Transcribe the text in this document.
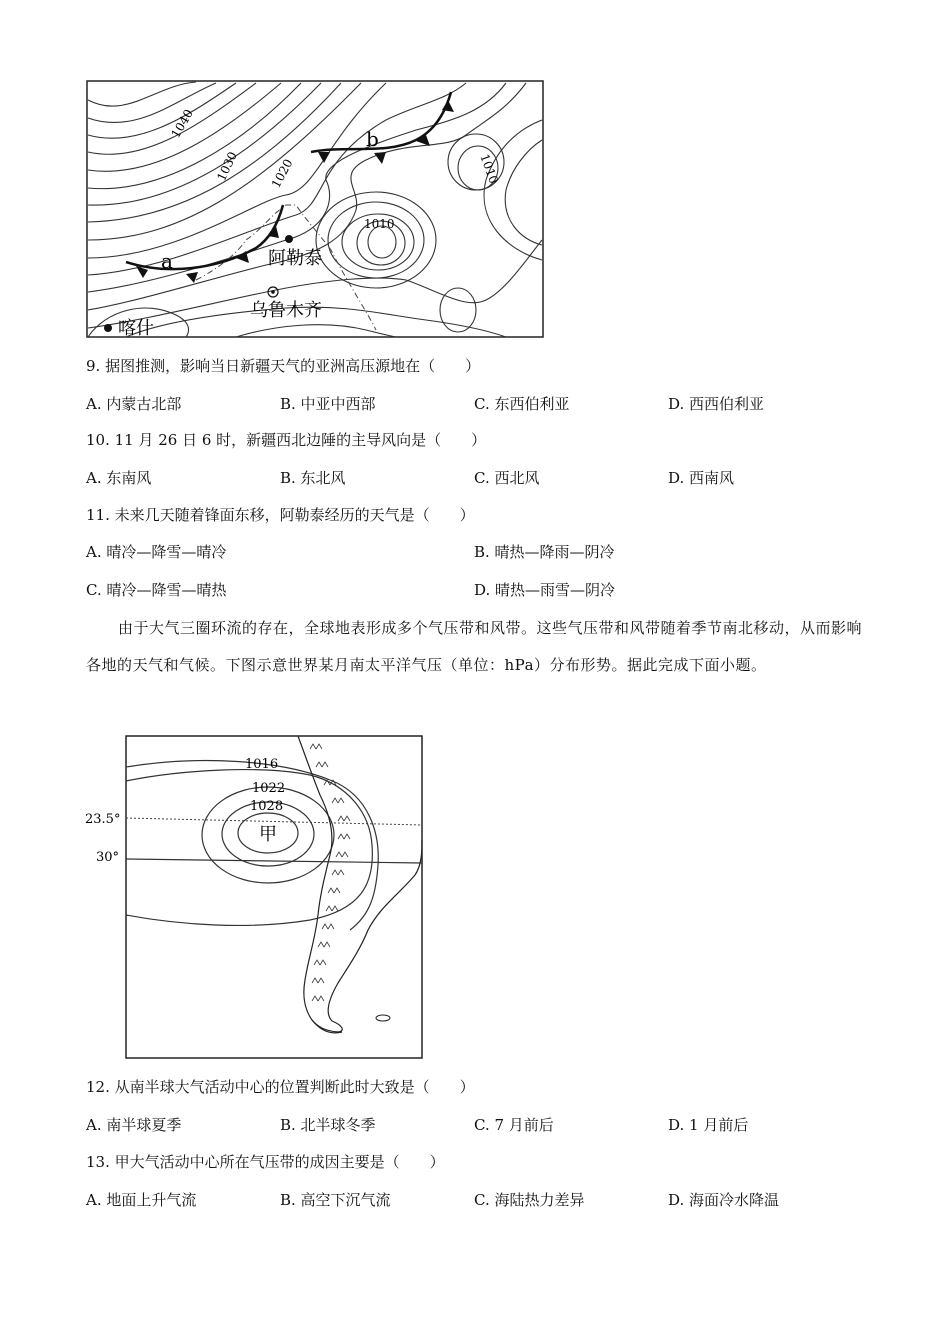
1040
1030 1020	1010
1010
a
b
阿勒泰
乌鲁木齐
喀什
9. 据图推测，影响当日新疆天气的亚洲高压源地在（　　）
A. 内蒙古北部	B. 中亚中西部	C. 东西伯利亚	D. 西西伯利亚
10. 11 月 26 日 6 时，新疆西北边陲的主导风向是（　　）
A. 东南风	B. 东北风	C. 西北风	D. 西南风
11. 未来几天随着锋面东移，阿勒泰经历的天气是（　　）
A. 晴冷—降雪—晴冷	B. 晴热—降雨—阴冷
C. 晴冷—降雪—晴热	D. 晴热—雨雪—阴冷
由于大气三圈环流的存在，全球地表形成多个气压带和风带。这些气压带和风带随着季节南北移动，从而影响各地的天气和气候。下图示意世界某月南太平洋气压（单位：hPa）分布形势。据此完成下面小题。
23.5°
30°
1016
1022
1028
甲
12. 从南半球大气活动中心的位置判断此时大致是（　　）
A. 南半球夏季	B. 北半球冬季	C. 7 月前后	D. 1 月前后
13. 甲大气活动中心所在气压带的成因主要是（　　）
A. 地面上升气流	B. 高空下沉气流	C. 海陆热力差异	D. 海面冷水降温
